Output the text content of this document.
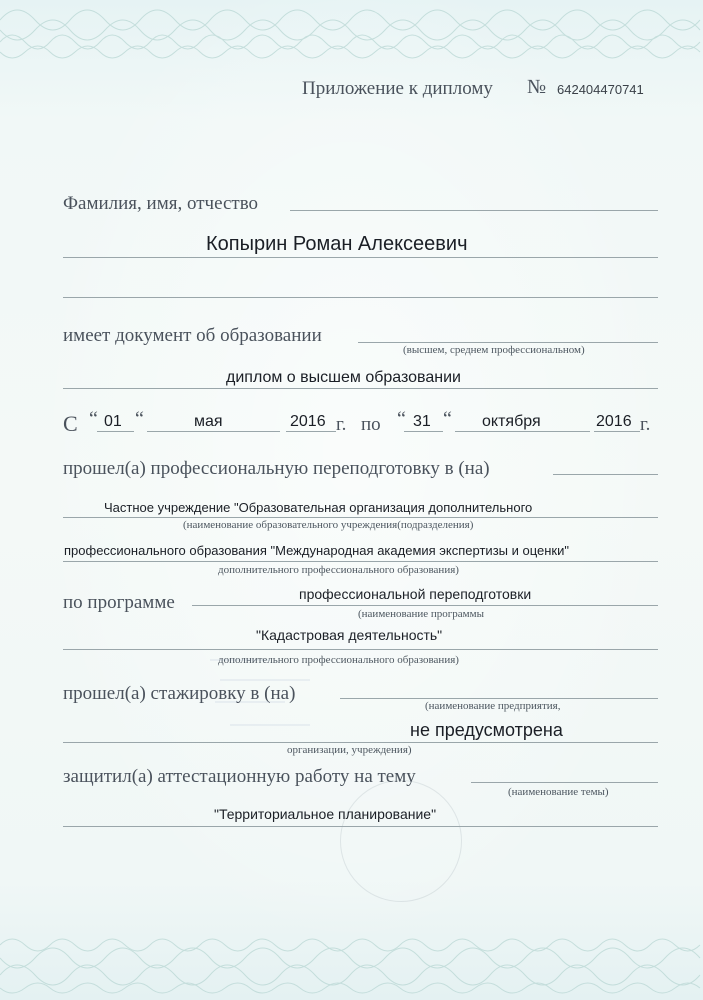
Приложение к диплому № 642404470741
Фамилия, имя, отчество
Копырин Роман Алексеевич
имеет документ об образовании
(высшем, среднем профессиональном)
диплом о высшем образовании
С “ 01 “	мая	2016 г. по “ 31 “ октября	2016 г.
прошел(а) профессиональную переподготовку в (на)
Частное учреждение "Образовательная организация дополнительного
(наименование образовательного учреждения(подразделения)
профессионального образования "Международная академия экспертизы и оценки"
дополнительного профессионального образования)
по программе	профессиональной переподготовки
(наименование программы
"Кадастровая деятельность"
дополнительного профессионального образования)
прошел(а) стажировку в (на)
(наименование предприятия,
не предусмотрена
организации, учреждения)
защитил(а) аттестационную работу на тему
(наименование темы)
"Территориальное планирование"
